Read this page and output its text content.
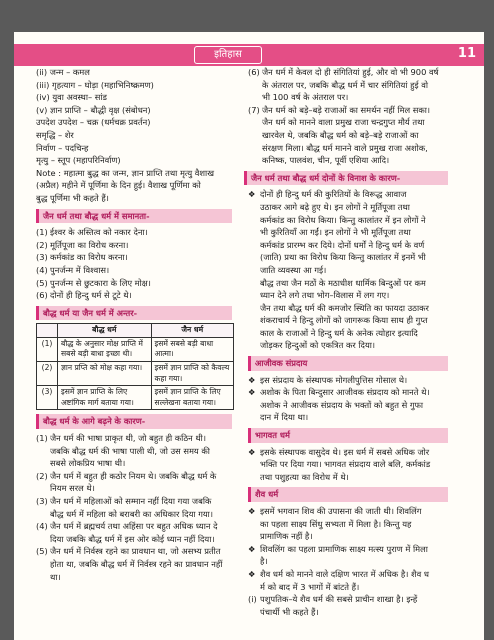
इतिहास	11
(ii) जन्म – कमल
(iii) गृहत्याग – घोड़ा (महाभिनिष्क्रमण)
(iv) युवा अवस्था– सांड
(v) ज्ञान प्राप्ति – बौद्धी वृक्ष (संबोधन)
उपदेश उपदेश – चक्र (धर्मचक्र प्रवर्तन)
समृद्धि – शेर
निर्वाण – पदचिन्ह
मृत्यु – स्तूप (महापरिनिर्वाण)
Note : महात्मा बुद्ध का जन्म, ज्ञान प्राप्ति तथा मृत्यु वैशाख
(अप्रैल) महीने में पूर्णिमा के दिन हुई। वैशाख पूर्णिमा को
बुद्ध पूर्णिमा भी कहते हैं।
जैन धर्म तथा बौद्ध धर्म में समानता-
(1) ईश्वर के अस्तित्व को नकार देना।
(2) मूर्तिपूजा का विरोध करना।
(3) कर्मकांड का विरोध करना।
(4) पुनर्जन्म में विश्वास।
(5) पुनर्जन्म से छुटकारा के लिए मोक्ष।
(6) दोनों ही हिन्दु धर्म से टूटे थे।
बौद्ध धर्म या जैन धर्म में अन्तर-
	बौद्ध धर्म	जैन धर्म
(1)	बौद्ध के अनुसार मोक्ष प्राप्ति में सबसे बड़ी बाधा इच्छा थी।	इसमें सबसे बड़ी बाधा आत्मा।
(2)	ज्ञान प्रप्ति को मोक्ष कहा गया।	इसमें ज्ञान प्राप्ति को कैवल्य कहा गया।
(3)	इसमें ज्ञान प्राप्ति के लिए अष्टांगिक मार्ग बताया गया।	इसमें ज्ञान प्राप्ति के लिए सल्लेखना बताया गया।
बौद्ध धर्म के आगे बढ़ने के कारण-
(1) जैन धर्म की भाषा प्राकृत थी, जो बहुत ही कठिन थी।
जबकि बौद्ध धर्म की भाषा पाली थी, जो उस समय की
सबसे लोकप्रिय भाषा थी।
(2) जैन धर्म में बहुत ही कठोर नियम थे। जबकि बौद्ध धर्म के
नियम सरल थे।
(3) जैन धर्म में महिलाओं को सम्मान नहीं दिया गया जबकि
बौद्ध धर्म में महिला को बराबरी का अधिकार दिया गया।
(4) जैन धर्म में ब्रह्मचर्य तथा अहिंसा पर बहुत अधिक ध्यान दे
दिया जबकि बौद्ध धर्म में इस ओर कोई ध्यान नहीं दिया।
(5) जैन धर्म में निर्वस्त्र रहने का प्रावधान था, जो असभ्य प्रतीत
होता था, जबकि बौद्ध धर्म में निर्वस्त्र रहने का प्रावधान नहीं
था।
(6) जैन धर्म में केवल दो ही संगितियां हुई, और वो भी 900 वर्ष
के अंतराल पर, जबकि बौद्ध धर्म में चार संगितियां हुई वो
भी 100 वर्ष के अंतराल पर।
(7) जैन धर्म को बड़े–बड़े राजाओं का समर्थन नहीं मिल सका।
जैन धर्म को मानने वाला प्रमुख राजा चन्द्रगुप्त मौर्य तथा
खारवेल थे, जबकि बौद्ध धर्म को बड़े–बड़े राजाओं का
संरक्षण मिला। बौद्ध धर्म मानने वाले प्रमुख राजा अशोक,
कनिष्क, पालवंश, चीन, पूर्वी एशिया आदि।
जैन धर्म तथा बौद्ध धर्म दोनों के विनाश के कारण-
❖ दोनों ही हिन्दु धर्म की कुरितियों के विरूद्ध आवाज
उठाकर आगे बढ़े हुए थे। इन लोगों ने मूर्तिपूजा तथा
कर्मकांड का विरोध किया। किन्तु कालांतर में इन लोगों ने
भी कुरितियाँ आ गईं। इन लोगों ने भी मूर्तिपूजा तथा
कर्मकांड प्रारम्भ कर दिये। दोनों धर्मों ने हिन्दु धर्म के वर्ण
(जाति) प्रथा का विरोध किया किन्तु कालांतर में इनमें भी
जाति व्यवस्था आ गई।
बौद्ध तथा जैन मठों के मठाधीश धार्मिक बिन्दुओं पर कम
ध्यान देने लगे तथा भोग–विलास में लग गए।
जैन तथा बौद्ध धर्म की कमजोर स्थिति का फायदा उठाकर
शंकराचार्य ने हिन्दु लोगों को जागरूक किया साथ ही गुप्त
काल के राजाओं ने हिन्दु धर्म के अनेक त्योहार इत्यादि
जोड़कर हिन्दुओं को एकत्रित कर दिया।
आजीवक संप्रदाय
❖ इस संप्रदाय के संस्थापक मोगलीपुत्तिस गोसाल थे।
❖ अशोक के पिता बिन्दुसार आजीवक संप्रदाय को मानते थे।
अशोक ने आजीवक संप्रदाय के भक्तों को बहुत से गुफा
दान में दिया था।
भागवत धर्म
❖ इसके संस्थापक वासुदेव थे। इस धर्म में सबसे अधिक जोर
भक्ति पर दिया गया। भागवत संप्रदाय वाले बलि, कर्मकांड
तथा पशुहत्या का विरोध में थे।
शैव धर्म
❖ इसमें भगवान शिव की उपासना की जाती थी। शिवलिंग
का पहला साक्ष्य सिंधु सभ्यता में मिला है। किन्तु यह
प्रामाणिक नहीं है।
❖ शिवलिंग का पहला प्रामाणिक साक्ष्य मत्स्य पुराण में मिला
है।
❖ शैव धर्म को मानने वाले दक्षिण भारत में अधिक है। शैव ध
र्म को बाद में 3 भागों में बांटते हैं।
(i) पशुपतिक–ये शैव धर्म की सबसे प्राचीन शाखा है। इन्हें
पंचार्थी भी कहते हैं।
